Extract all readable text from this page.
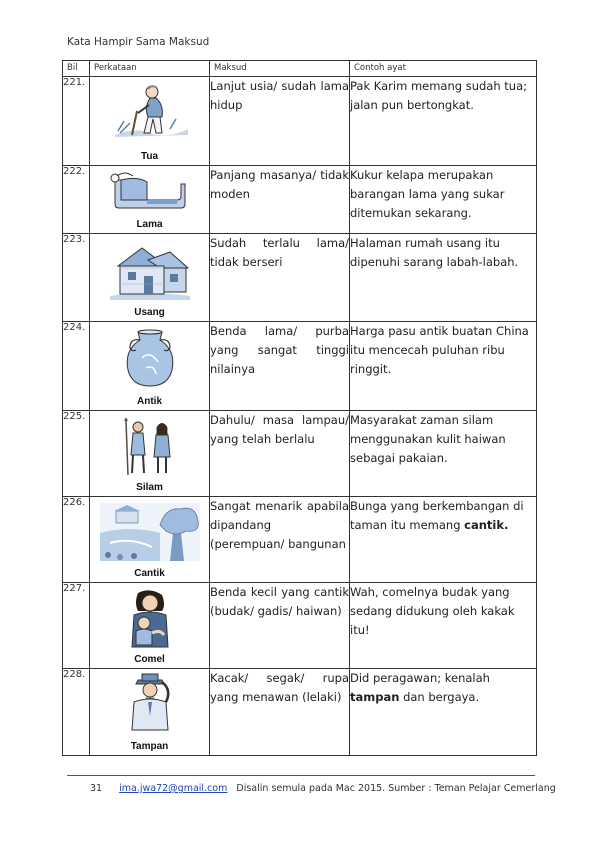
Kata Hampir Sama Maksud
Bil	Perkataan	Maksud	Contoh ayat
221.	Tua	Lanjut usia/ sudah lama hidup	Pak Karim memang sudah tua; jalan pun bertongkat.
222.	Lama	Panjang masanya/ tidak moden	Kukur kelapa merupakan barangan lama yang sukar ditemukan sekarang.
223.	Usang	Sudah terlalu lama/ tidak berseri	Halaman rumah usang itu dipenuhi sarang labah-labah.
224.	Antik	Benda lama/ purba yang sangat tinggi nilainya	Harga pasu antik buatan China itu mencecah puluhan ribu ringgit.
225.	Silam	Dahulu/ masa lampau/ yang telah berlalu	Masyarakat zaman silam menggunakan kulit haiwan sebagai pakaian.
226.	Cantik	Sangat menarik apabila dipandang (perempuan/ bangunan	Bunga yang berkembangan di taman itu memang cantik.
227.	Comel	Benda kecil yang cantik (budak/ gadis/ haiwan)	Wah, comelnya budak yang sedang didukung oleh kakak itu!
228.	Tampan	Kacak/ segak/ rupa yang menawan (lelaki)	Did peragawan; kenalah tampan dan bergaya.
31 ima.jwa72@gmail.com Disalin semula pada Mac 2015. Sumber : Teman Pelajar Cemerlang
